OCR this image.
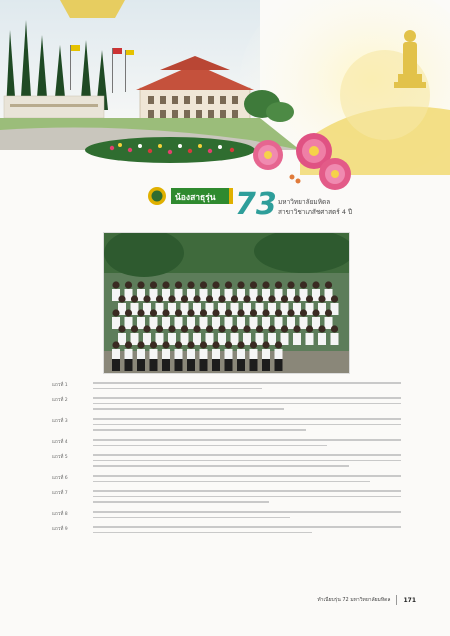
น้องสาธุรุ่น 73 มหาวิทยาลัยมหิดล
สาขาวิชาเภสัชศาสตร์ 4 ปี
แถวที่ 1
แถวที่ 2
แถวที่ 3
แถวที่ 4
แถวที่ 5
แถวที่ 6
แถวที่ 7
แถวที่ 8
แถวที่ 9
ทำเนียบรุ่น 72 มหาวิทยาลัยมหิดล 171
